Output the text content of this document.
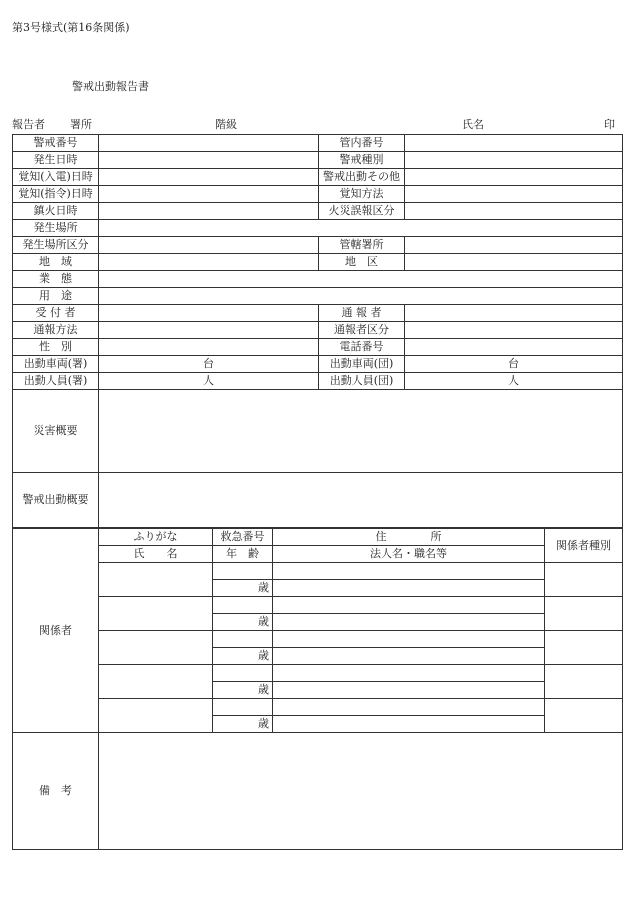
第3号様式(第16条関係)
警戒出動報告書
報告者 署所	階級	氏名	印
警戒番号		管内番号	
発生日時		警戒種別	
覚知(入電)日時		警戒出動その他	
覚知(指令)日時		覚知方法	
鎮火日時		火災誤報区分	
発生場所			
発生場所区分		管轄署所	
地　域		地　区	
業　態			
用　途			
受 付 者		通 報 者	
通報方法		通報者区分	
性　別		電話番号	
出動車両(署)	台	出動車両(団)	台
出動人員(署)	人	出動人員(団)	人
災害概要			
警戒出動概要			
関係者	ふりがな	救急番号	住　　　　所	関係者種別
	氏　　名	年　齢	法人名・職名等	

		歳		

		歳		

		歳		

		歳		

		歳		
備　考				
